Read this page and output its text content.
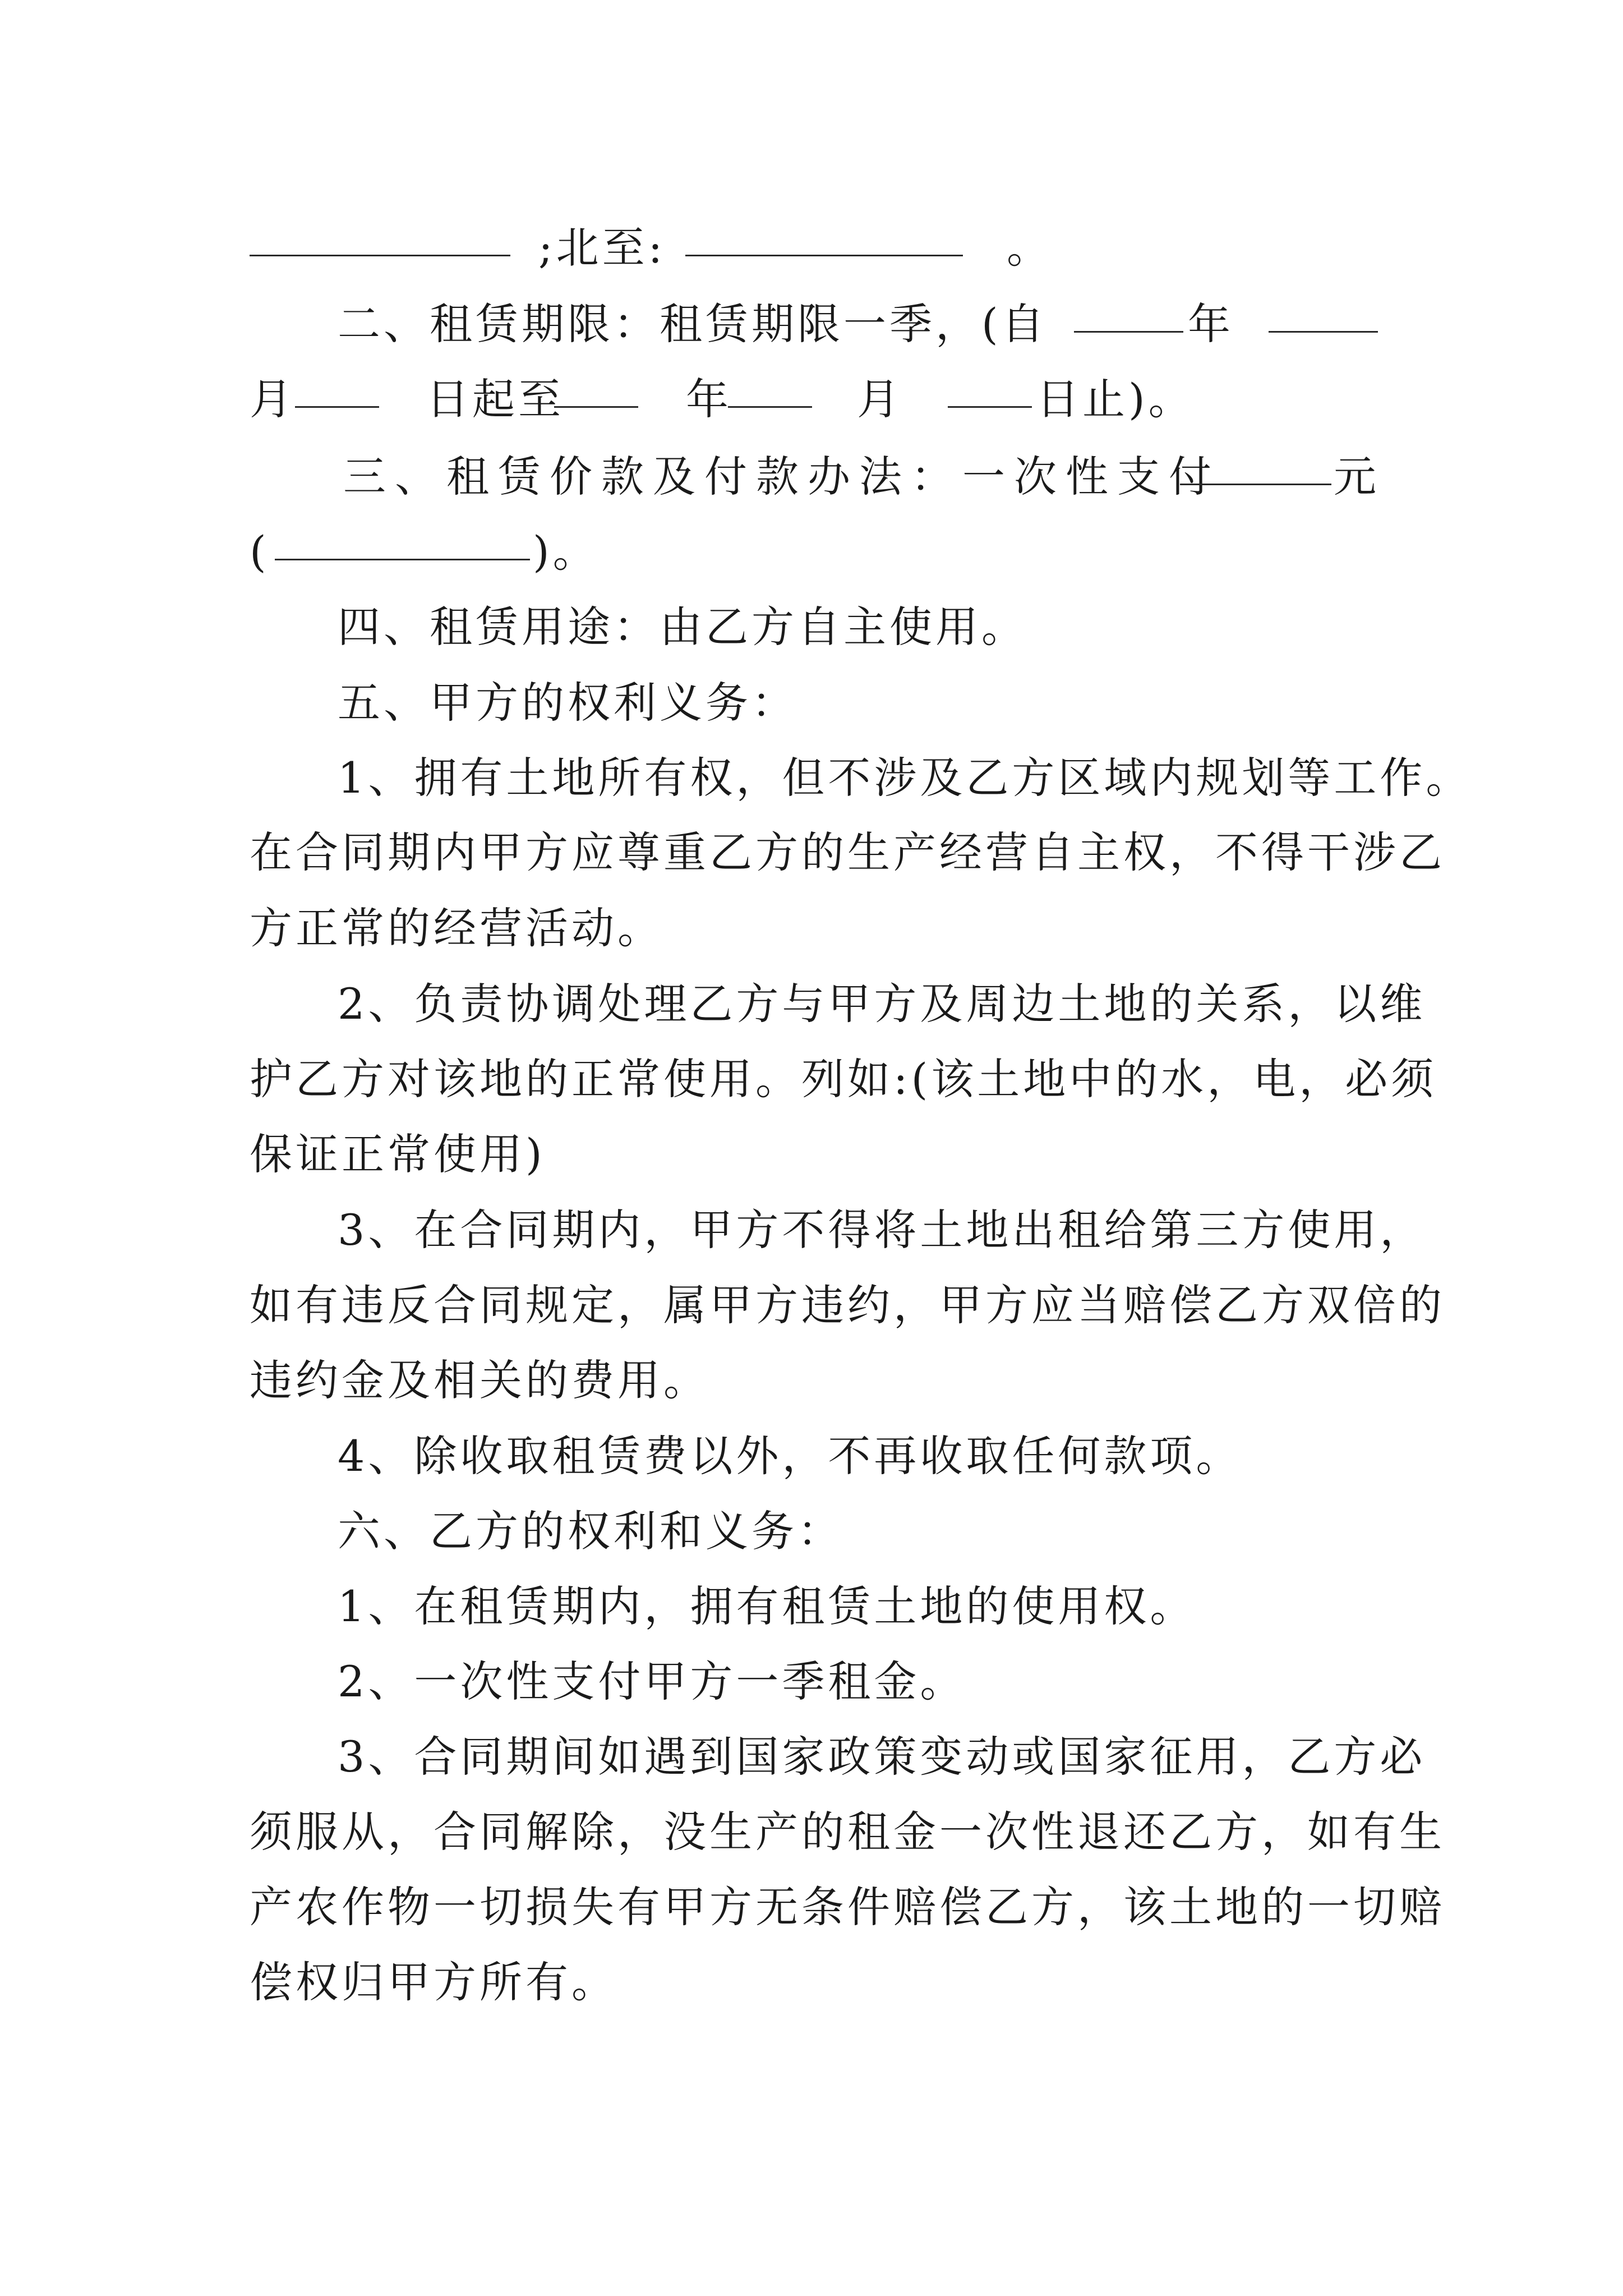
;北至:	。
二、租赁期限：租赁期限一季，(自	年
月	日起至	年	月	日止)。
三、租赁价款及付款办法：一次性支付	元
(	)。
四、租赁用途：由乙方自主使用。
五、甲方的权利义务：
1、拥有土地所有权，但不涉及乙方区域内规划等工作。
在合同期内甲方应尊重乙方的生产经营自主权，不得干涉乙
方正常的经营活动。
2、负责协调处理乙方与甲方及周边土地的关系，以维
护乙方对该地的正常使用。列如:(该土地中的水，电，必须
保证正常使用)
3、在合同期内，甲方不得将土地出租给第三方使用，
如有违反合同规定，属甲方违约，甲方应当赔偿乙方双倍的
违约金及相关的费用。
4、除收取租赁费以外，不再收取任何款项。
六、乙方的权利和义务：
1、在租赁期内，拥有租赁土地的使用权。
2、一次性支付甲方一季租金。
3、合同期间如遇到国家政策变动或国家征用，乙方必
须服从，合同解除，没生产的租金一次性退还乙方，如有生
产农作物一切损失有甲方无条件赔偿乙方，该土地的一切赔
偿权归甲方所有。
